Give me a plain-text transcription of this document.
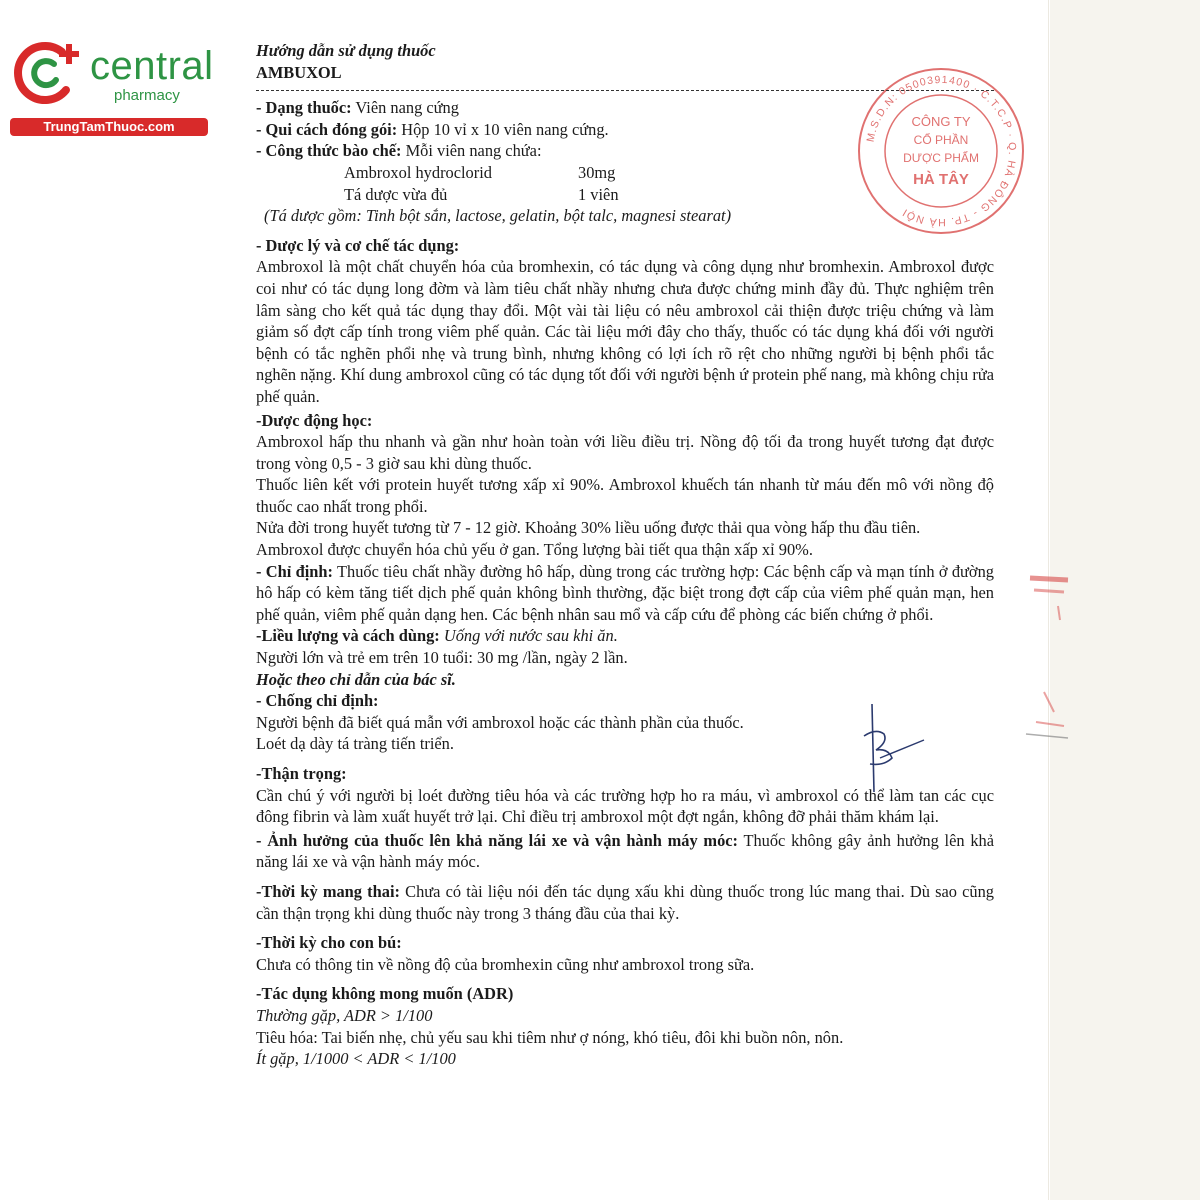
central
pharmacy
TrungTamThuoc.com
M.S.D.N: 0500391400 ∙ C.T.C.P ∙ Q. HÀ ĐÔNG - TP. HÀ NỘI
CÔNG TY
CỔ PHẦN
DƯỢC PHẨM
HÀ TÂY
Hướng dẫn sử dụng thuốc
AMBUXOL

- Dạng thuốc: Viên nang cứng

- Qui cách đóng gói: Hộp 10 vỉ x 10 viên nang cứng.

- Công thức bào chế: Mỗi viên nang chứa:

Ambroxol hydroclorid	30mg
Tá dược vừa đủ	1 viên

(Tá dược gồm: Tinh bột sắn, lactose, gelatin, bột talc, magnesi stearat)

- Dược lý và cơ chế tác dụng:

Ambroxol là một chất chuyển hóa của bromhexin, có tác dụng và công dụng như bromhexin. Ambroxol được coi như có tác dụng long đờm và làm tiêu chất nhầy nhưng chưa được chứng minh đầy đủ. Thực nghiệm trên lâm sàng cho kết quả tác dụng thay đổi. Một vài tài liệu có nêu ambroxol cải thiện được triệu chứng và làm giảm số đợt cấp tính trong viêm phế quản. Các tài liệu mới đây cho thấy, thuốc có tác dụng khá đối với người bệnh có tắc nghẽn phổi nhẹ và trung bình, nhưng không có lợi ích rõ rệt cho những người bị bệnh phổi tắc nghẽn nặng. Khí dung ambroxol cũng có tác dụng tốt đối với người bệnh ứ protein phế nang, mà không chịu rửa phế quản.

-Dược động học:

Ambroxol hấp thu nhanh và gần như hoàn toàn với liều điều trị. Nồng độ tối đa trong huyết tương đạt được trong vòng 0,5 - 3 giờ sau khi dùng thuốc.

Thuốc liên kết với protein huyết tương xấp xỉ 90%. Ambroxol khuếch tán nhanh từ máu đến mô với nồng độ thuốc cao nhất trong phổi.

Nửa đời trong huyết tương từ 7 - 12 giờ. Khoảng 30% liều uống được thải qua vòng hấp thu đầu tiên.

Ambroxol được chuyển hóa chủ yếu ở gan. Tổng lượng bài tiết qua thận xấp xỉ 90%.

- Chỉ định: Thuốc tiêu chất nhầy đường hô hấp, dùng trong các trường hợp: Các bệnh cấp và mạn tính ở đường hô hấp có kèm tăng tiết dịch phế quản không bình thường, đặc biệt trong đợt cấp của viêm phế quản mạn, hen phế quản, viêm phế quản dạng hen. Các bệnh nhân sau mổ và cấp cứu để phòng các biến chứng ở phổi.

-Liều lượng và cách dùng: Uống với nước sau khi ăn.

Người lớn và trẻ em trên 10 tuổi: 30 mg /lần, ngày 2 lần.

Hoặc theo chỉ dẫn của bác sĩ.

- Chống chỉ định:

Người bệnh đã biết quá mẫn với ambroxol hoặc các thành phần của thuốc.

Loét dạ dày tá tràng tiến triển.

-Thận trọng:

Cần chú ý với người bị loét đường tiêu hóa và các trường hợp ho ra máu, vì ambroxol có thể làm tan các cục đông fibrin và làm xuất huyết trở lại. Chỉ điều trị ambroxol một đợt ngắn, không đỡ phải thăm khám lại.

- Ảnh hưởng của thuốc lên khả năng lái xe và vận hành máy móc: Thuốc không gây ảnh hưởng lên khả năng lái xe và vận hành máy móc.

-Thời kỳ mang thai: Chưa có tài liệu nói đến tác dụng xấu khi dùng thuốc trong lúc mang thai. Dù sao cũng cần thận trọng khi dùng thuốc này trong 3 tháng đầu của thai kỳ.

-Thời kỳ cho con bú:

Chưa có thông tin về nồng độ của bromhexin cũng như ambroxol trong sữa.

-Tác dụng không mong muốn (ADR)

Thường gặp, ADR > 1/100

Tiêu hóa: Tai biến nhẹ, chủ yếu sau khi tiêm như ợ nóng, khó tiêu, đôi khi buồn nôn, nôn.

Ít gặp, 1/1000 < ADR < 1/100
